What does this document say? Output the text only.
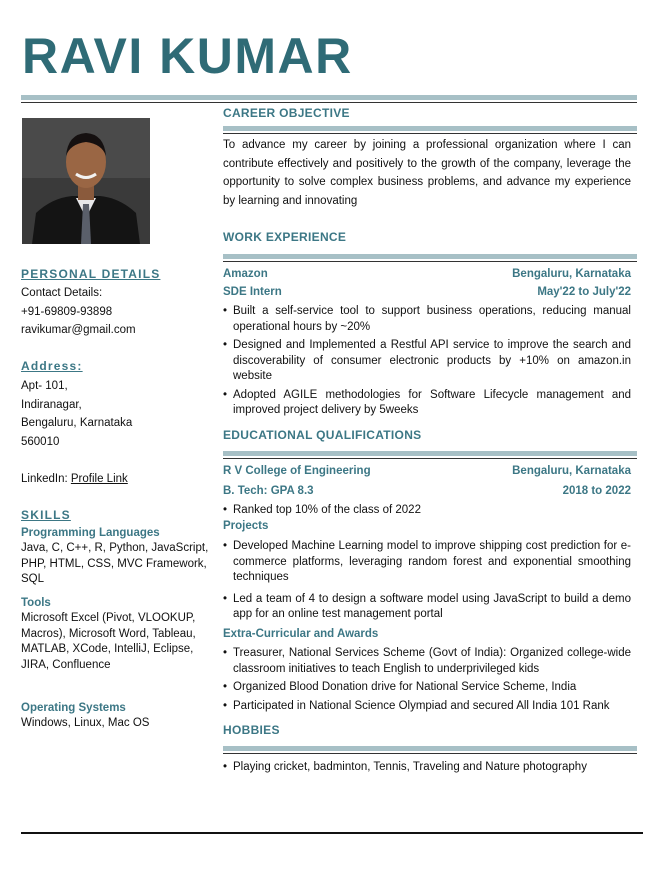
RAVI KUMAR
PERSONAL DETAILS
Contact Details:
+91-69809-93898
ravikumar@gmail.com
Address:
Apt- 101,
Indiranagar,
Bengaluru, Karnataka
560010
LinkedIn: Profile Link
SKILLS
Programming Languages
Java, C, C++, R, Python, JavaScript, PHP, HTML, CSS, MVC Framework, SQL
Tools
Microsoft Excel (Pivot, VLOOKUP, Macros), Microsoft Word, Tableau, MATLAB, XCode, IntelliJ, Eclipse, JIRA, Confluence
Operating Systems
Windows, Linux, Mac OS
CAREER OBJECTIVE
To advance my career by joining a professional organization where I can contribute effectively and positively to the growth of the company, leverage the opportunity to solve complex business problems, and advance my experience by learning and innovating
WORK EXPERIENCE
Amazon	Bengaluru, Karnataka
SDE Intern	May'22 to July'22
• Built a self-service tool to support business operations, reducing manual operational hours by ~20%
• Designed and Implemented a Restful API service to improve the search and discoverability of consumer electronic products by +10% on amazon.in website
• Adopted AGILE methodologies for Software Lifecycle management and improved project delivery by 5weeks
EDUCATIONAL QUALIFICATIONS
R V College of Engineering	Bengaluru, Karnataka
B. Tech: GPA 8.3	2018 to 2022
• Ranked top 10% of the class of 2022
Projects
• Developed Machine Learning model to improve shipping cost prediction for e-commerce platforms, leveraging random forest and exponential smoothing techniques
• Led a team of 4 to design a software model using JavaScript to build a demo app for an online test management portal
Extra-Curricular and Awards
• Treasurer, National Services Scheme (Govt of India): Organized college-wide classroom initiatives to teach English to underprivileged kids
• Organized Blood Donation drive for National Service Scheme, India
• Participated in National Science Olympiad and secured All India 101 Rank
HOBBIES
• Playing cricket, badminton, Tennis, Traveling and Nature photography
